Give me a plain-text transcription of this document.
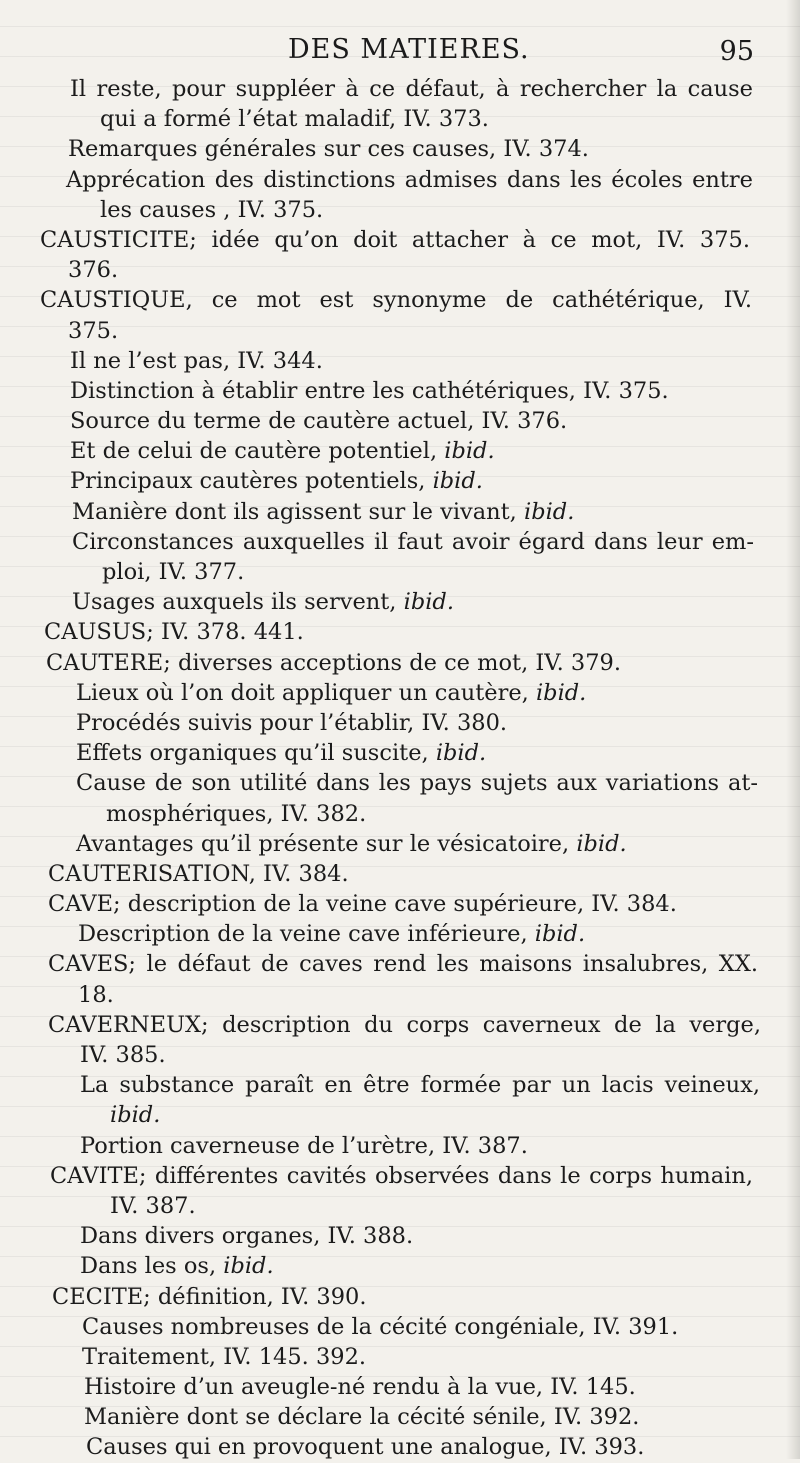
DES MATIERES.	95
Il reste, pour suppléer à ce défaut, à rechercher la cause
qui a formé l’état maladif, IV. 373.
Remarques générales sur ces causes, IV. 374.
Apprécation des distinctions admises dans les écoles entre
les causes , IV. 375.
CAUSTICITE; idée qu’on doit attacher à ce mot, IV. 375.
376.
CAUSTIQUE, ce mot est synonyme de cathétérique, IV.
375.
Il ne l’est pas, IV. 344.
Distinction à établir entre les cathétériques, IV. 375.
Source du terme de cautère actuel, IV. 376.
Et de celui de cautère potentiel, ibid.
Principaux cautères potentiels, ibid.
Manière dont ils agissent sur le vivant, ibid.
Circonstances auxquelles il faut avoir égard dans leur em-
ploi, IV. 377.
Usages auxquels ils servent, ibid.
CAUSUS; IV. 378. 441.
CAUTERE; diverses acceptions de ce mot, IV. 379.
Lieux où l’on doit appliquer un cautère, ibid.
Procédés suivis pour l’établir, IV. 380.
Effets organiques qu’il suscite, ibid.
Cause de son utilité dans les pays sujets aux variations at-
mosphériques, IV. 382.
Avantages qu’il présente sur le vésicatoire, ibid.
CAUTERISATION, IV. 384.
CAVE; description de la veine cave supérieure, IV. 384.
Description de la veine cave inférieure, ibid.
CAVES; le défaut de caves rend les maisons insalubres, XX.
18.
CAVERNEUX; description du corps caverneux de la verge,
IV. 385.
La substance paraît en être formée par un lacis veineux,
ibid.
Portion caverneuse de l’urètre, IV. 387.
CAVITE; différentes cavités observées dans le corps humain,
IV. 387.
Dans divers organes, IV. 388.
Dans les os, ibid.
CECITE; définition, IV. 390.
Causes nombreuses de la cécité congéniale, IV. 391.
Traitement, IV. 145. 392.
Histoire d’un aveugle-né rendu à la vue, IV. 145.
Manière dont se déclare la cécité sénile, IV. 392.
Causes qui en provoquent une analogue, IV. 393.
